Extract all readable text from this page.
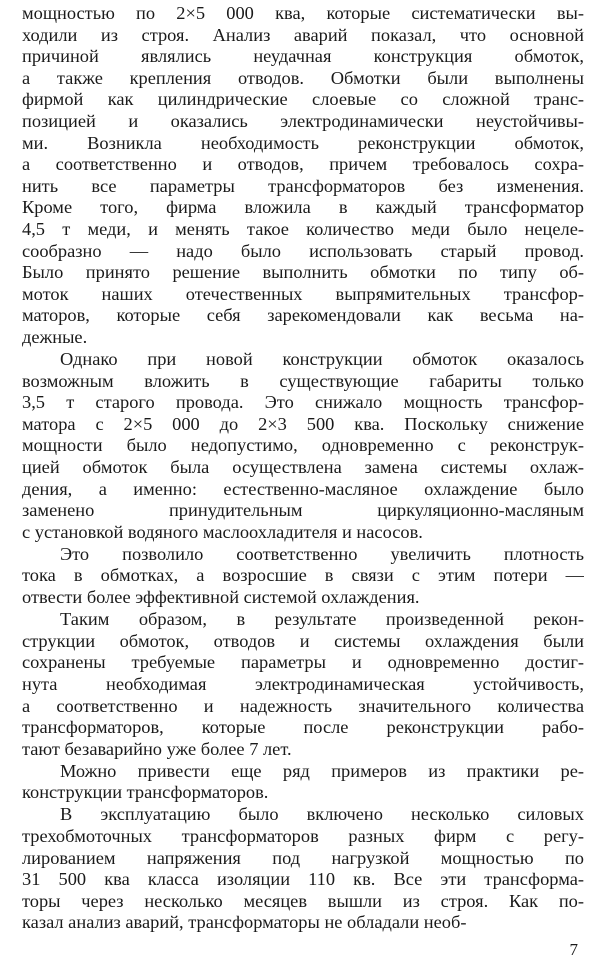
мощностью по 2×5 000 ква, которые систематически вы-
ходили из строя. Анализ аварий показал, что основной
причиной являлись неудачная конструкция обмоток,
а также крепления отводов. Обмотки были выполнены
фирмой как цилиндрические слоевые со сложной транс-
позицией и оказались электродинамически неустойчивы-
ми. Возникла необходимость реконструкции обмоток,
а соответственно и отводов, причем требовалось сохра-
нить все параметры трансформаторов без изменения.
Кроме того, фирма вложила в каждый трансформатор
4,5 т меди, и менять такое количество меди было нецеле-
сообразно — надо было использовать старый провод.
Было принято решение выполнить обмотки по типу об-
моток наших отечественных выпрямительных трансфор-
маторов, которые себя зарекомендовали как весьма на-
дежные.
Однако при новой конструкции обмоток оказалось
возможным вложить в существующие габариты только
3,5 т старого провода. Это снижало мощность трансфор-
матора с 2×5 000 до 2×3 500 ква. Поскольку снижение
мощности было недопустимо, одновременно с реконструк-
цией обмоток была осуществлена замена системы охлаж-
дения, а именно: естественно-масляное охлаждение было
заменено принудительным циркуляционно-масляным
с установкой водяного маслоохладителя и насосов.
Это позволило соответственно увеличить плотность
тока в обмотках, а возросшие в связи с этим потери —
отвести более эффективной системой охлаждения.
Таким образом, в результате произведенной рекон-
струкции обмоток, отводов и системы охлаждения были
сохранены требуемые параметры и одновременно достиг-
нута необходимая электродинамическая устойчивость,
а соответственно и надежность значительного количества
трансформаторов, которые после реконструкции рабо-
тают безаварийно уже более 7 лет.
Можно привести еще ряд примеров из практики ре-
конструкции трансформаторов.
В эксплуатацию было включено несколько силовых
трехобмоточных трансформаторов разных фирм с регу-
лированием напряжения под нагрузкой мощностью по
31 500 ква класса изоляции 110 кв. Все эти трансформа-
торы через несколько месяцев вышли из строя. Как по-
казал анализ аварий, трансформаторы не обладали необ-
7
